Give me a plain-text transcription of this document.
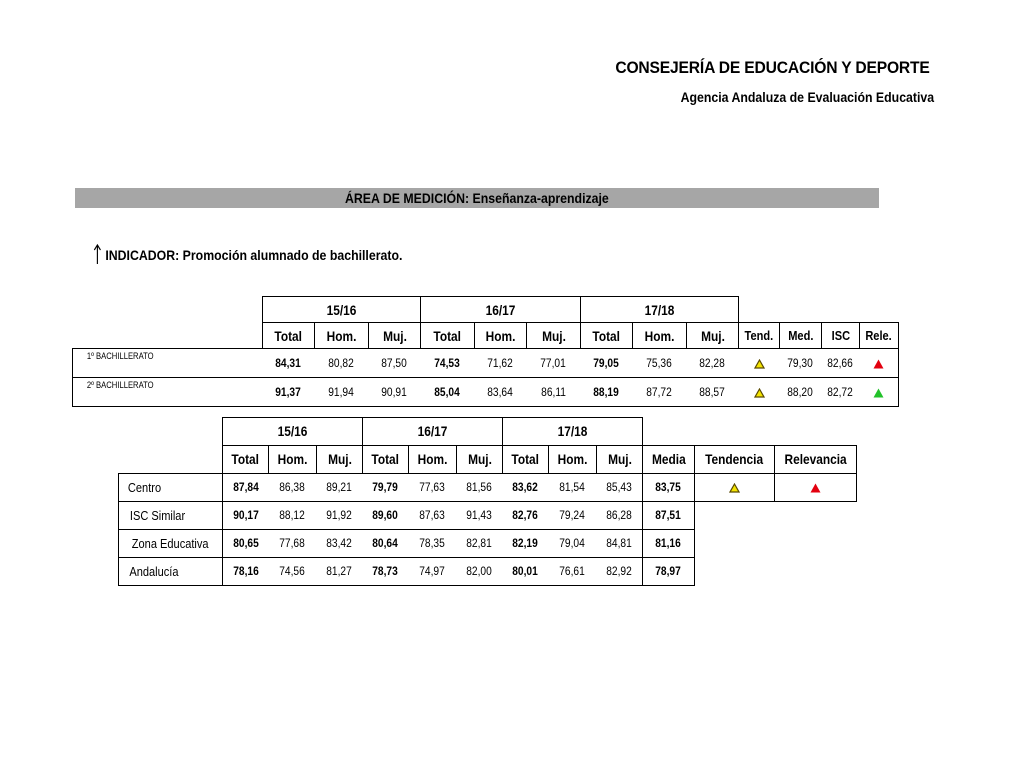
CONSEJERÍA DE EDUCACIÓN Y DEPORTE
Agencia Andaluza de Evaluación Educativa
ÁREA DE MEDICIÓN: Enseñanza-aprendizaje
INDICADOR: Promoción alumnado de bachillerato.
	15/16			16/17			17/18						
	Total	Hom.	Muj.	Total	Hom.	Muj.	Total	Hom.	Muj.	Tend.	Med.	ISC	Rele.
1º BACHILLERATO	84,31	80,82	87,50	74,53	71,62	77,01	79,05	75,36	82,28		79,30	82,66	
2º BACHILLERATO	91,37	91,94	90,91	85,04	83,64	86,11	88,19	87,72	88,57		88,20	82,72	
	15/16			16/17			17/18					
	Total	Hom.	Muj.	Total	Hom.	Muj.	Total	Hom.	Muj.	Media	Tendencia	Relevancia
Centro	87,84	86,38	89,21	79,79	77,63	81,56	83,62	81,54	85,43	83,75		
ISC Similar	90,17	88,12	91,92	89,60	87,63	91,43	82,76	79,24	86,28	87,51		
Zona Educativa	80,65	77,68	83,42	80,64	78,35	82,81	82,19	79,04	84,81	81,16		
Andalucía	78,16	74,56	81,27	78,73	74,97	82,00	80,01	76,61	82,92	78,97		
